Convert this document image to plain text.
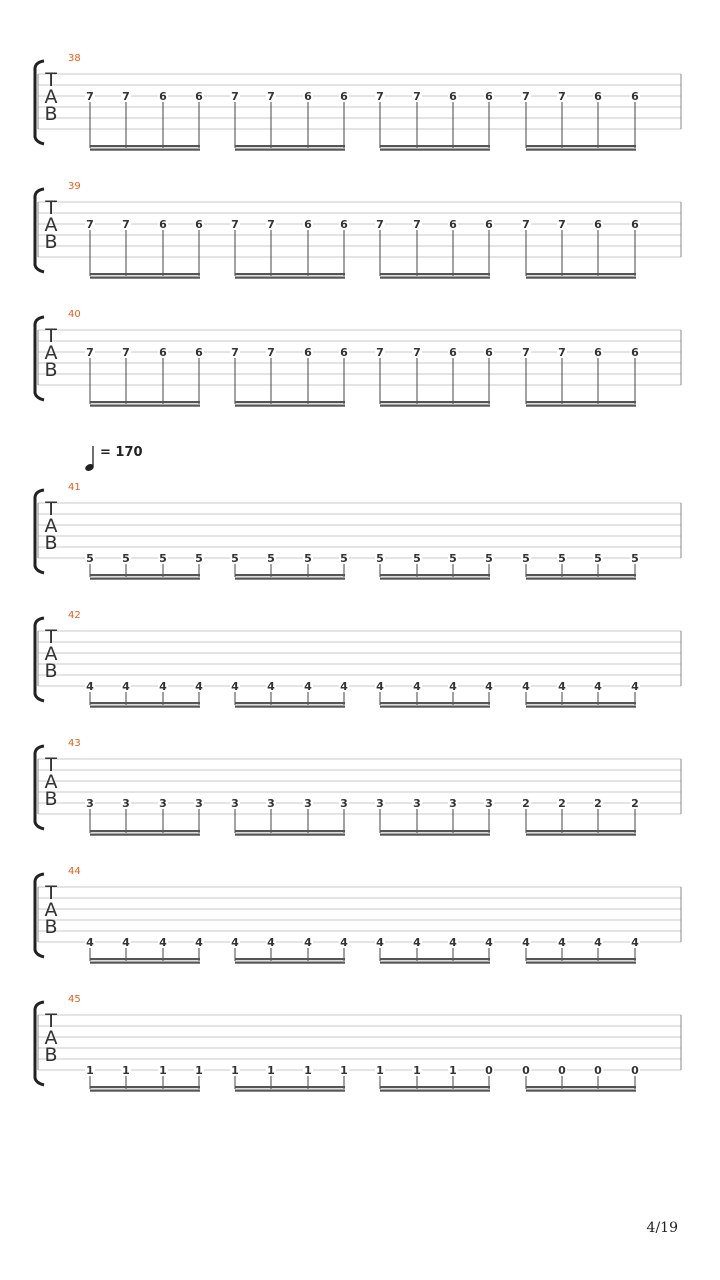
T
A
B
38
7	7	6	6	7	7	6	6	7	7	6	6	7	7	6	6
T
A
B
39
7	7	6	6	7	7	6	6	7	7	6	6	7	7	6	6
T
A
B
40
7	7	6	6	7	7	6	6	7	7	6	6	7	7	6	6
T
A
B
41
5	5	5	5	5	5	5	5	5	5	5	5	5	5	5	5
T
A
B
42
4	4	4	4	4	4	4	4	4	4	4	4	4	4	4	4
T
A
B
43
3	3	3	3	3	3	3	3	3	3	3	3	2	2	2	2
T
A
B
44
4	4	4	4	4	4	4	4	4	4	4	4	4	4	4	4
T
A
B
45
1	1	1	1	1	1	1	1	1	1	1	0	0	0	0	0
= 170
4/19
